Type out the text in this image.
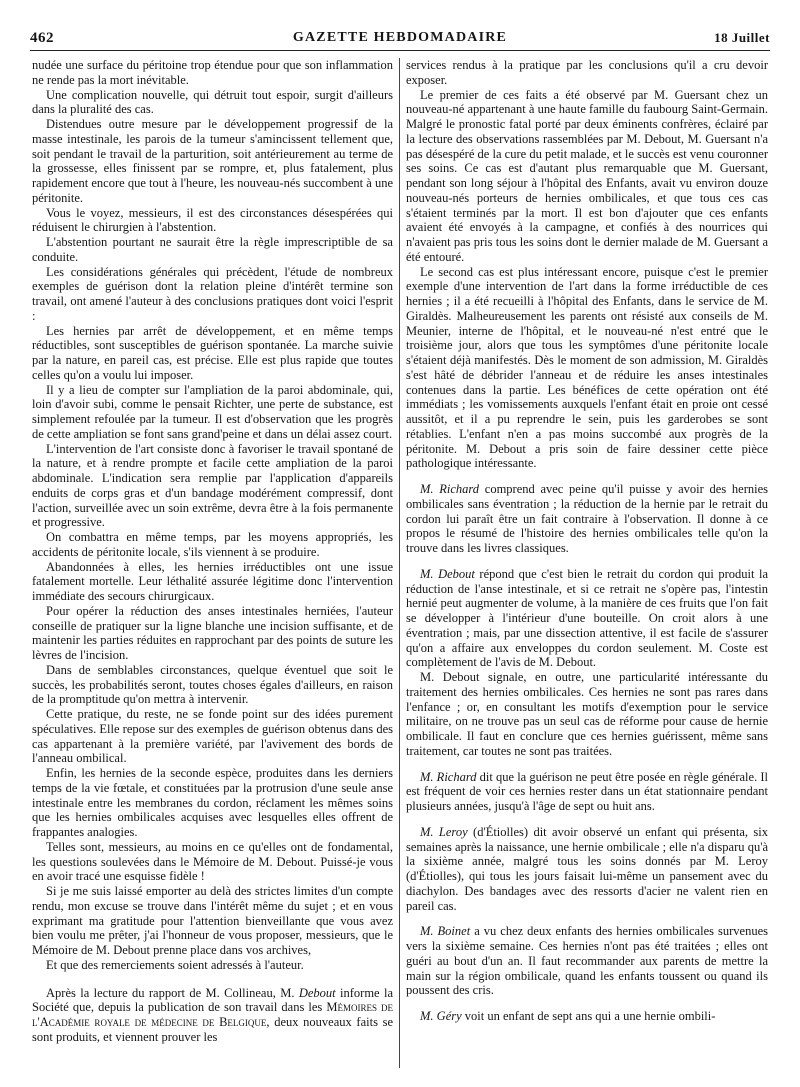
462	GAZETTE HEBDOMADAIRE	18 Juillet

nudée une surface du péritoine trop étendue pour que son inflammation ne rende pas la mort inévitable.

Une complication nouvelle, qui détruit tout espoir, surgit d'ailleurs dans la pluralité des cas.

Distendues outre mesure par le développement progressif de la masse intestinale, les parois de la tumeur s'amincissent tellement que, soit pendant le travail de la parturition, soit antérieurement au terme de la grossesse, elles finissent par se rompre, et, plus fatalement, plus rapidement encore que tout à l'heure, les nouveau-nés succombent à une péritonite.

Vous le voyez, messieurs, il est des circonstances désespérées qui réduisent le chirurgien à l'abstention.

L'abstention pourtant ne saurait être la règle imprescriptible de sa conduite.

Les considérations générales qui précèdent, l'étude de nombreux exemples de guérison dont la relation pleine d'intérêt termine son travail, ont amené l'auteur à des conclusions pratiques dont voici l'esprit :

Les hernies par arrêt de développement, et en même temps réductibles, sont susceptibles de guérison spontanée. La marche suivie par la nature, en pareil cas, est précise. Elle est plus rapide que toutes celles qu'on a voulu lui imposer.

Il y a lieu de compter sur l'ampliation de la paroi abdominale, qui, loin d'avoir subi, comme le pensait Richter, une perte de substance, est simplement refoulée par la tumeur. Il est d'observation que les progrès de cette ampliation se font sans grand'peine et dans un délai assez court.

L'intervention de l'art consiste donc à favoriser le travail spontané de la nature, et à rendre prompte et facile cette ampliation de la paroi abdominale. L'indication sera remplie par l'application d'appareils enduits de corps gras et d'un bandage modérément compressif, dont l'action, surveillée avec un soin extrême, devra être à la fois permanente et progressive.

On combattra en même temps, par les moyens appropriés, les accidents de péritonite locale, s'ils viennent à se produire.

Abandonnées à elles, les hernies irréductibles ont une issue fatalement mortelle. Leur léthalité assurée légitime donc l'intervention immédiate des secours chirurgicaux.

Pour opérer la réduction des anses intestinales herniées, l'auteur conseille de pratiquer sur la ligne blanche une incision suffisante, et de maintenir les parties réduites en rapprochant par des points de suture les lèvres de l'incision.

Dans de semblables circonstances, quelque éventuel que soit le succès, les probabilités seront, toutes choses égales d'ailleurs, en raison de la promptitude qu'on mettra à intervenir.

Cette pratique, du reste, ne se fonde point sur des idées purement spéculatives. Elle repose sur des exemples de guérison obtenus dans des cas appartenant à la première variété, par l'avivement des bords de l'anneau ombilical.

Enfin, les hernies de la seconde espèce, produites dans les derniers temps de la vie fœtale, et constituées par la protrusion d'une seule anse intestinale entre les membranes du cordon, réclament les mêmes soins que les hernies ombilicales acquises avec lesquelles elles offrent de frappantes analogies.

Telles sont, messieurs, au moins en ce qu'elles ont de fondamental, les questions soulevées dans le Mémoire de M. Debout. Puissé-je vous en avoir tracé une esquisse fidèle !

Si je me suis laissé emporter au delà des strictes limites d'un compte rendu, mon excuse se trouve dans l'intérêt même du sujet ; et en vous exprimant ma gratitude pour l'attention bienveillante que vous avez bien voulu me prêter, j'ai l'honneur de vous proposer, messieurs, que le Mémoire de M. Debout prenne place dans vos archives,

Et que des remerciements soient adressés à l'auteur.

Après la lecture du rapport de M. Collineau, M. Debout informe la Société que, depuis la publication de son travail dans les Mémoires de l'Académie royale de médecine de Belgique, deux nouveaux faits se sont produits, et viennent prouver les

services rendus à la pratique par les conclusions qu'il a cru devoir exposer.

Le premier de ces faits a été observé par M. Guersant chez un nouveau-né appartenant à une haute famille du faubourg Saint-Germain. Malgré le pronostic fatal porté par deux éminents confrères, éclairé par la lecture des observations rassemblées par M. Debout, M. Guersant n'a pas désespéré de la cure du petit malade, et le succès est venu couronner ses soins. Ce cas est d'autant plus remarquable que M. Guersant, pendant son long séjour à l'hôpital des Enfants, avait vu environ douze nouveau-nés porteurs de hernies ombilicales, et que tous ces cas s'étaient terminés par la mort. Il est bon d'ajouter que ces enfants avaient été envoyés à la campagne, et confiés à des nourrices qui n'avaient pas pris tous les soins dont le dernier malade de M. Guersant a été entouré.

Le second cas est plus intéressant encore, puisque c'est le premier exemple d'une intervention de l'art dans la forme irréductible de ces hernies ; il a été recueilli à l'hôpital des Enfants, dans le service de M. Giraldès. Malheureusement les parents ont résisté aux conseils de M. Meunier, interne de l'hôpital, et le nouveau-né n'est entré que le troisième jour, alors que tous les symptômes d'une péritonite locale s'étaient déjà manifestés. Dès le moment de son admission, M. Giraldès s'est hâté de débrider l'anneau et de réduire les anses intestinales contenues dans la partie. Les bénéfices de cette opération ont été immédiats ; les vomissements auxquels l'enfant était en proie ont cessé aussitôt, et il a pu reprendre le sein, puis les garderobes se sont rétablies. L'enfant n'en a pas moins succombé aux progrès de la péritonite. M. Debout a pris soin de faire dessiner cette pièce pathologique intéressante.

M. Richard comprend avec peine qu'il puisse y avoir des hernies ombilicales sans éventration ; la réduction de la hernie par le retrait du cordon lui paraît être un fait contraire à l'observation. Il donne à ce propos le résumé de l'histoire des hernies ombilicales telle qu'on la trouve dans les livres classiques.

M. Debout répond que c'est bien le retrait du cordon qui produit la réduction de l'anse intestinale, et si ce retrait ne s'opère pas, l'intestin hernié peut augmenter de volume, à la manière de ces fruits que l'on fait se développer à l'intérieur d'une bouteille. On croit alors à une éventration ; mais, par une dissection attentive, il est facile de s'assurer qu'on a affaire aux enveloppes du cordon seulement. M. Coste est complètement de l'avis de M. Debout.

M. Debout signale, en outre, une particularité intéressante du traitement des hernies ombilicales. Ces hernies ne sont pas rares dans l'enfance ; or, en consultant les motifs d'exemption pour le service militaire, on ne trouve pas un seul cas de réforme pour cause de hernie ombilicale. Il faut en conclure que ces hernies guérissent, même sans traitement, car toutes ne sont pas traitées.

M. Richard dit que la guérison ne peut être posée en règle générale. Il est fréquent de voir ces hernies rester dans un état stationnaire pendant plusieurs années, jusqu'à l'âge de sept ou huit ans.

M. Leroy (d'Étiolles) dit avoir observé un enfant qui présenta, six semaines après la naissance, une hernie ombilicale ; elle n'a disparu qu'à la sixième année, malgré tous les soins donnés par M. Leroy (d'Étiolles), qui tous les jours faisait lui-même un pansement avec du diachylon. Des bandages avec des ressorts d'acier ne valent rien en pareil cas.

M. Boinet a vu chez deux enfants des hernies ombilicales survenues vers la sixième semaine. Ces hernies n'ont pas été traitées ; elles ont guéri au bout d'un an. Il faut recommander aux parents de mettre la main sur la région ombilicale, quand les enfants toussent ou quand ils poussent des cris.

M. Géry voit un enfant de sept ans qui a une hernie ombili-
